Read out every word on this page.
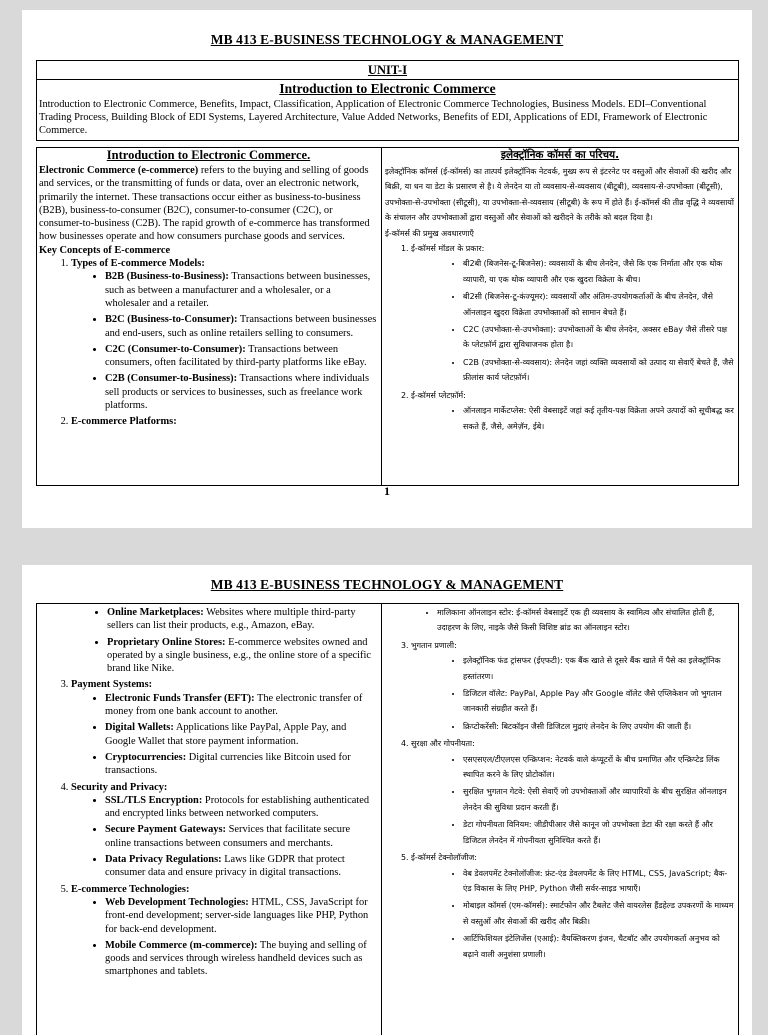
MB 413 E-BUSINESS TECHNOLOGY & MANAGEMENT
UNIT-I
Introduction to Electronic Commerce
Introduction to Electronic Commerce, Benefits, Impact, Classification, Application of Electronic Commerce Technologies, Business Models. EDI–Conventional Trading Process, Building Block of EDI Systems, Layered Architecture, Value Added Networks, Benefits of EDI, Applications of EDI, Framework of Electronic Commerce.
Introduction to Electronic Commerce.

Electronic Commerce (e-commerce) refers to the buying and selling of goods and services, or the transmitting of funds or data, over an electronic network, primarily the internet. These transactions occur either as business-to-business (B2B), business-to-consumer (B2C), consumer-to-consumer (C2C), or consumer-to-business (C2B). The rapid growth of e-commerce has transformed how businesses operate and how consumers purchase goods and services.

Key Concepts of E-commerce
1. Types of E-commerce Models:
• B2B (Business-to-Business): Transactions between businesses, such as between a manufacturer and a wholesaler, or a wholesaler and a retailer.
• B2C (Business-to-Consumer): Transactions between businesses and end-users, such as online retailers selling to consumers.
• C2C (Consumer-to-Consumer): Transactions between consumers, often facilitated by third-party platforms like eBay.
• C2B (Consumer-to-Business): Transactions where individuals sell products or services to businesses, such as freelance work platforms.
2. E-commerce Platforms:
इलेक्ट्रॉनिक कॉमर्स का परिचय.

इलेक्ट्रॉनिक कॉमर्स (ई-कॉमर्स) का तात्पर्य इलेक्ट्रॉनिक नेटवर्क, मुख्य रूप से इंटरनेट पर वस्तुओं और सेवाओं की खरीद और बिक्री, या धन या डेटा के प्रसारण से है। ये लेनदेन या तो व्यवसाय-से-व्यवसाय (बीटूबी), व्यवसाय-से-उपभोक्ता (बीटूसी), उपभोक्ता-से-उपभोक्ता (सीटूसी), या उपभोक्ता-से-व्यवसाय (सीटूबी) के रूप में होते हैं। ई-कॉमर्स की तीव्र वृद्धि ने व्यवसायों के संचालन और उपभोक्ताओं द्वारा वस्तुओं और सेवाओं को खरीदने के तरीके को बदल दिया है।

ई-कॉमर्स की प्रमुख अवधारणाएँ
1. ई-कॉमर्स मॉडल के प्रकार:
• बी2बी (बिजनेस-टू-बिजनेस): व्यवसायों के बीच लेनदेन, जैसे कि एक निर्माता और एक थोक व्यापारी, या एक थोक व्यापारी और एक खुदरा विक्रेता के बीच।
• बी2सी (बिजनेस-टू-कंज्यूमर): व्यवसायों और अंतिम-उपयोगकर्ताओं के बीच लेनदेन, जैसे ऑनलाइन खुदरा विक्रेता उपभोक्ताओं को सामान बेचते हैं।
• C2C (उपभोक्ता-से-उपभोक्ता): उपभोक्ताओं के बीच लेनदेन, अक्सर eBay जैसे तीसरे पक्ष के प्लेटफ़ॉर्म द्वारा सुविधाजनक होता है।
• C2B (उपभोक्ता-से-व्यवसाय): लेनदेन जहां व्यक्ति व्यवसायों को उत्पाद या सेवाएँ बेचते हैं, जैसे फ्रीलांस कार्य प्लेटफ़ॉर्म।
2. ई-कॉमर्स प्लेटफ़ॉर्म:
• ऑनलाइन मार्केटप्लेस: ऐसी वेबसाइटें जहां कई तृतीय-पक्ष विक्रेता अपने उत्पादों को सूचीबद्ध कर सकते हैं, जैसे, अमेज़ॅन, ईबे।
1
MB 413 E-BUSINESS TECHNOLOGY & MANAGEMENT
• Online Marketplaces: Websites where multiple third-party sellers can list their products, e.g., Amazon, eBay.
• Proprietary Online Stores: E-commerce websites owned and operated by a single business, e.g., the online store of a specific brand like Nike.
3. Payment Systems:
• Electronic Funds Transfer (EFT): The electronic transfer of money from one bank account to another.
• Digital Wallets: Applications like PayPal, Apple Pay, and Google Wallet that store payment information.
• Cryptocurrencies: Digital currencies like Bitcoin used for transactions.
4. Security and Privacy:
• SSL/TLS Encryption: Protocols for establishing authenticated and encrypted links between networked computers.
• Secure Payment Gateways: Services that facilitate secure online transactions between consumers and merchants.
• Data Privacy Regulations: Laws like GDPR that protect consumer data and ensure privacy in digital transactions.
5. E-commerce Technologies:
• Web Development Technologies: HTML, CSS, JavaScript for front-end development; server-side languages like PHP, Python for back-end development.
• Mobile Commerce (m-commerce): The buying and selling of goods and services through wireless handheld devices such as smartphones and tablets.
• मालिकाना ऑनलाइन स्टोर: ई-कॉमर्स वेबसाइटें एक ही व्यवसाय के स्वामित्व और संचालित होती हैं, उदाहरण के लिए, नाइके जैसे किसी विशिष्ट ब्रांड का ऑनलाइन स्टोर।
3. भुगतान प्रणाली:
• इलेक्ट्रॉनिक फंड ट्रांसफर (ईएफटी): एक बैंक खाते से दूसरे बैंक खाते में पैसे का इलेक्ट्रॉनिक हस्तांतरण।
• डिजिटल वॉलेट: PayPal, Apple Pay और Google वॉलेट जैसे एप्लिकेशन जो भुगतान जानकारी संग्रहीत करते हैं।
• क्रिप्टोकरेंसी: बिटकॉइन जैसी डिजिटल मुद्राएं लेनदेन के लिए उपयोग की जाती हैं।
4. सुरक्षा और गोपनीयता:
• एसएसएल/टीएलएस एन्क्रिप्शन: नेटवर्क वाले कंप्यूटरों के बीच प्रमाणित और एन्क्रिप्टेड लिंक स्थापित करने के लिए प्रोटोकॉल।
• सुरक्षित भुगतान गेटवे: ऐसी सेवाएँ जो उपभोक्ताओं और व्यापारियों के बीच सुरक्षित ऑनलाइन लेनदेन की सुविधा प्रदान करती हैं।
• डेटा गोपनीयता विनियम: जीडीपीआर जैसे कानून जो उपभोक्ता डेटा की रक्षा करते हैं और डिजिटल लेनदेन में गोपनीयता सुनिश्चित करते हैं।
5. ई-कॉमर्स टेक्नोलॉजीज:
• वेब डेवलपमेंट टेक्नोलॉजीज: फ्रंट-एंड डेवलपमेंट के लिए HTML, CSS, JavaScript; बैक-एंड विकास के लिए PHP, Python जैसी सर्वर-साइड भाषाएँ।
• मोबाइल कॉमर्स (एम-कॉमर्स): स्मार्टफोन और टैबलेट जैसे वायरलेस हैंडहेल्ड उपकरणों के माध्यम से वस्तुओं और सेवाओं की खरीद और बिक्री।
• आर्टिफिशियल इंटेलिजेंस (एआई): वैयक्तिकरण इंजन, चैटबॉट और उपयोगकर्ता अनुभव को बढ़ाने वाली अनुशंसा प्रणाली।
